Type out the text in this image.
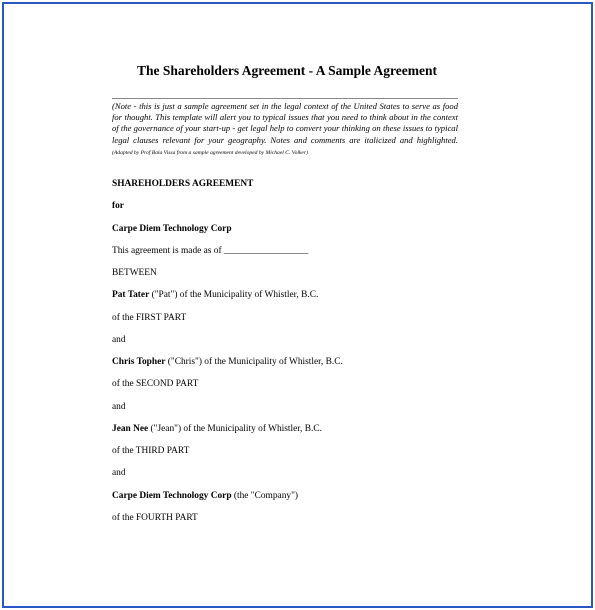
The Shareholders Agreement - A Sample Agreement
(Note - this is just a sample agreement set in the legal context of the United States to serve as food for thought. This template will alert you to typical issues that you need to think about in the context of the governance of your start-up - get legal help to convert your thinking on these issues to typical legal clauses relevant for your geography. Notes and comments are italicized and highlighted. (Adapted by Prof Bala Vissa from a sample agreement developed by Michael C. Volker)
SHAREHOLDERS AGREEMENT
for
Carpe Diem Technology Corp
This agreement is made as of __________________
BETWEEN
Pat Tater ("Pat") of the Municipality of Whistler, B.C.
of the FIRST PART
and
Chris Topher ("Chris") of the Municipality of Whistler, B.C.
of the SECOND PART
and
Jean Nee ("Jean") of the Municipality of Whistler, B.C.
of the THIRD PART
and
Carpe Diem Technology Corp (the "Company")
of the FOURTH PART
